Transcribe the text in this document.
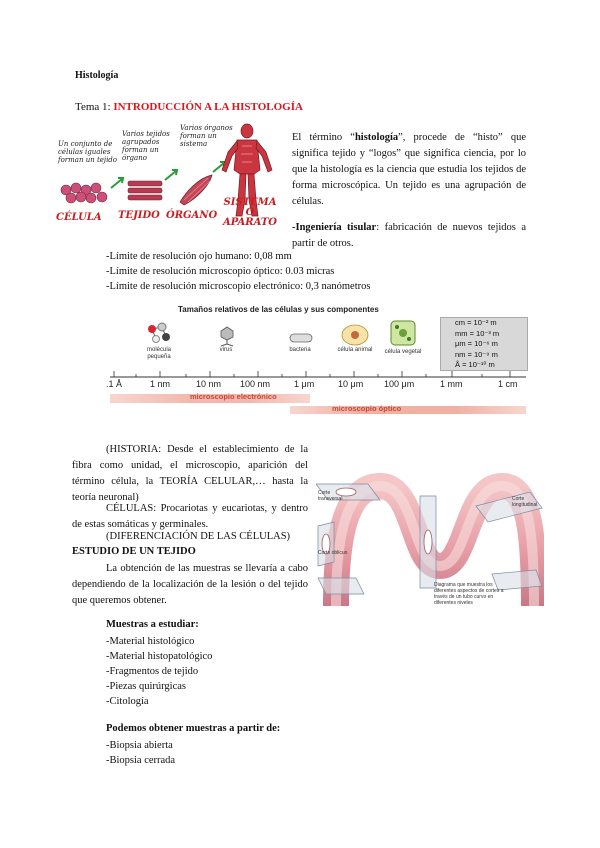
Histología
Tema 1: INTRODUCCIÓN A LA HISTOLOGÍA
Un conjunto de células iguales forman un tejido
Varios tejidos agrupados forman un órgano
Varios órganos forman un sistema
CÉLULA TEJIDO ÓRGANO
SISTEMA
O
APARATO
El término “histología”, procede de “histo” que significa tejido y “logos” que significa ciencia, por lo que la histología es la ciencia que estudia los tejidos de forma microscópica. Un tejido es una agrupación de células.
-Ingeniería tisular: fabricación de nuevos tejidos a partir de otros.
-Límite de resolución ojo humano: 0,08 mm
-Límite de resolución microscopio óptico: 0.03 micras
-Límite de resolución microscopio electrónico: 0,3 nanómetros
Tamaños relativos de las células y sus componentes
molécula pequeña
virus	bacteria	célula animal	célula vegetal
cm = 10⁻² m
mm = 10⁻³ m
μm = 10⁻⁶ m
nm = 10⁻⁹ m
Å = 10⁻¹⁰ m
.1 Å	1 nm	10 nm 100 nm	1 μm	10 μm 100 μm	1 mm	1 cm
microscopio electrónico
microscopio óptico
(HISTORIA: Desde el establecimiento de la fibra como unidad, el microscopio, aparición del término célula, la TEORÍA CELULAR,… hasta la teoría neuronal)
CÉLULAS: Procariotas y eucariotas, y dentro de estas somáticas y germinales.
(DIFERENCIACIÓN DE LAS CÉLULAS)
ESTUDIO DE UN TEJIDO
La obtención de las muestras se llevaría a cabo dependiendo de la localización de la lesión o del tejido que queremos obtener.
Corte transversal	Corte longitudinal
Corte oblicuo
Diagrama que muestra los diferentes aspectos de cortes a través de un tubo curvo en diferentes niveles
Muestras a estudiar:
-Material histológico
-Material histopatológico
-Fragmentos de tejido
-Piezas quirúrgicas
-Citología
Podemos obtener muestras a partir de:
-Biopsia abierta
-Biopsia cerrada
